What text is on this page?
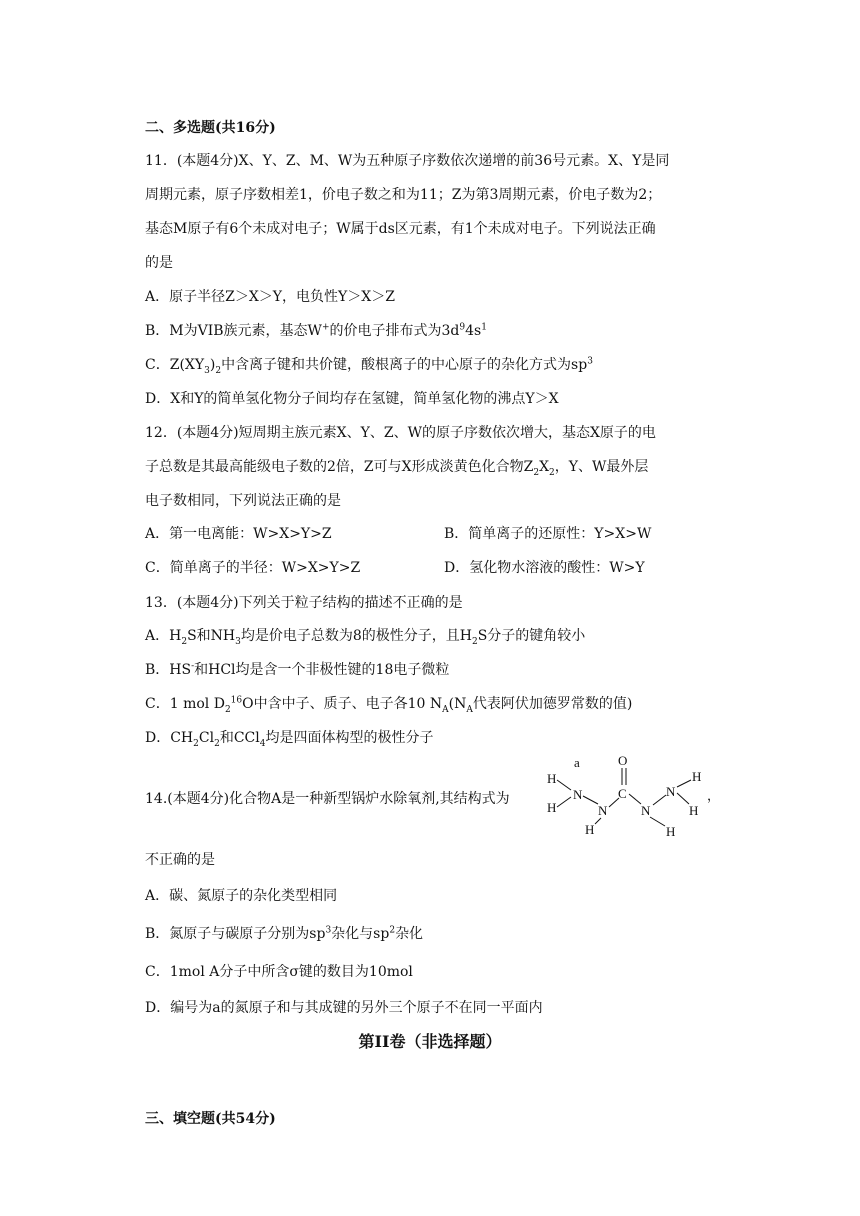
二、多选题(共16分)
11．(本题4分)X、Y、Z、M、W为五种原子序数依次递增的前36号元素。X、Y是同
周期元素，原子序数相差1，价电子数之和为11；Z为第3周期元素，价电子数为2；
基态M原子有6个未成对电子；W属于ds区元素，有1个未成对电子。下列说法正确
的是
A．原子半径Z＞X＞Y，电负性Y＞X＞Z
B．M为VIB族元素，基态W+的价电子排布式为$3d^94s^1$
C．$Z(XY_3)_2$中含离子键和共价键，酸根离子的中心原子的杂化方式为$sp^3$
D．X和Y的简单氢化物分子间均存在氢键，简单氢化物的沸点Y＞X
12．(本题4分)短周期主族元素X、Y、Z、W的原子序数依次增大，基态X原子的电
子总数是其最高能级电子数的2倍，Z可与X形成淡黄色化合物$Z_2X_2$，Y、W最外层
电子数相同，下列说法正确的是
A．第一电离能：W>X>Y>Z	B．简单离子的还原性：Y>X>W
C．简单离子的半径：W>X>Y>Z	D．氢化物水溶液的酸性：W>Y
13．(本题4分)下列关于粒子结构的描述不正确的是
A．$H_2S$和$NH_3$均是价电子总数为8的极性分子，且$H_2S$分子的键角较小
B．HS-和HCl均是含一个非极性键的18电子微粒
C．1 mol $D_2^{16}O$中含中子、质子、电子各10 $N_A(N_A$代表阿伏加德罗常数的值)
D．$CH_2Cl_2$和CCl$_4$均是四面体构型的极性分子
14.(本题4分)化合物A是一种新型锅炉水除氧剂,其结构式为
H
H
a
N
N
H
C
O
N
N
H
H
H
，
不正确的是
A．碳、氮原子的杂化类型相同
B．氮原子与碳原子分别为$sp^3$杂化与$sp^2$杂化
C．1mol A分子中所含σ键的数目为10mol
D．编号为a的氮原子和与其成键的另外三个原子不在同一平面内
第II卷（非选择题）
三、填空题(共54分)
